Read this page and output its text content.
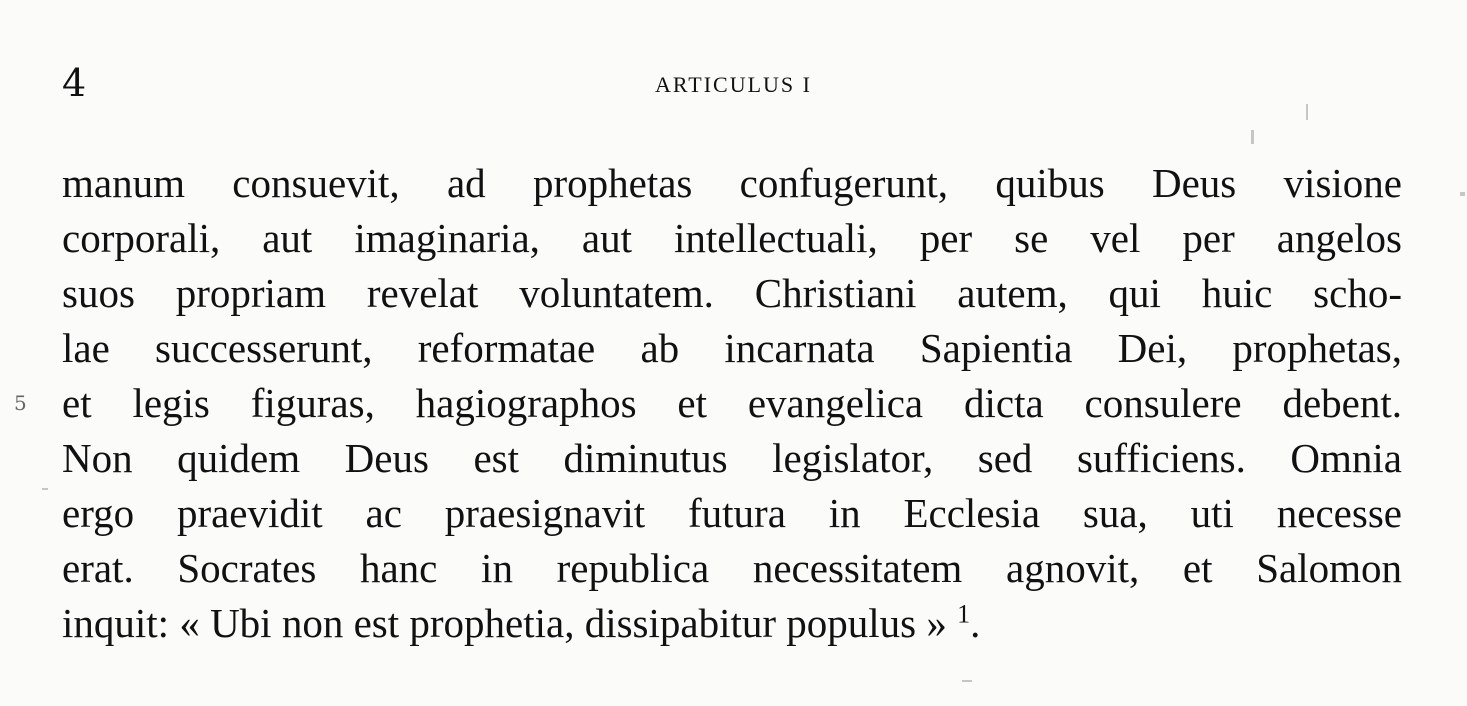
4	ARTICULUS I
5
manum consuevit, ad prophetas confugerunt, quibus Deus visione
corporali, aut imaginaria, aut intellectuali, per se vel per angelos
suos propriam revelat voluntatem. Christiani autem, qui huic scho-
lae successerunt, reformatae ab incarnata Sapientia Dei, prophetas,
et legis figuras, hagiographos et evangelica dicta consulere debent.
Non quidem Deus est diminutus legislator, sed sufficiens. Omnia
ergo praevidit ac praesignavit futura in Ecclesia sua, uti necesse
erat. Socrates hanc in republica necessitatem agnovit, et Salomon
inquit: « Ubi non est prophetia, dissipabitur populus » $^1$.
